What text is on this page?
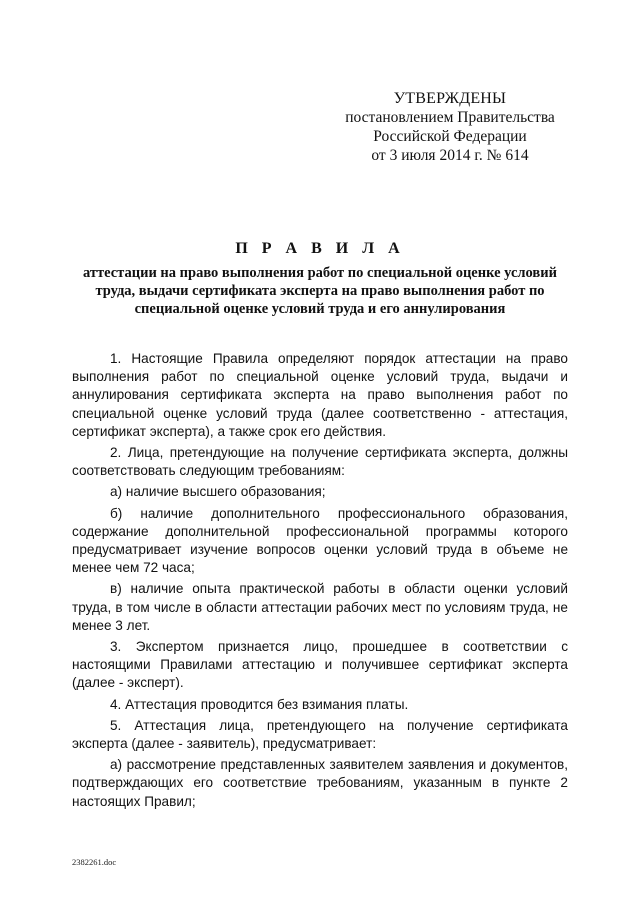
УТВЕРЖДЕНЫ
постановлением Правительства
Российской Федерации
от 3 июля 2014 г. № 614
П Р А В И Л А
аттестации на право выполнения работ по специальной оценке условий труда, выдачи сертификата эксперта на право выполнения работ по специальной оценке условий труда и его аннулирования

1. Настоящие Правила определяют порядок аттестации на право выполнения работ по специальной оценке условий труда, выдачи и аннулирования сертификата эксперта на право выполнения работ по специальной оценке условий труда (далее соответственно - аттестация, сертификат эксперта), а также срок его действия.

2. Лица, претендующие на получение сертификата эксперта, должны соответствовать следующим требованиям:

а) наличие высшего образования;

б) наличие дополнительного профессионального образования, содержание дополнительной профессиональной программы которого предусматривает изучение вопросов оценки условий труда в объеме не менее чем 72 часа;

в) наличие опыта практической работы в области оценки условий труда, в том числе в области аттестации рабочих мест по условиям труда, не менее 3 лет.

3. Экспертом признается лицо, прошедшее в соответствии с настоящими Правилами аттестацию и получившее сертификат эксперта (далее - эксперт).

4. Аттестация проводится без взимания платы.

5. Аттестация лица, претендующего на получение сертификата эксперта (далее - заявитель), предусматривает:

а) рассмотрение представленных заявителем заявления и документов, подтверждающих его соответствие требованиям, указанным в пункте 2 настоящих Правил;

2382261.doc
